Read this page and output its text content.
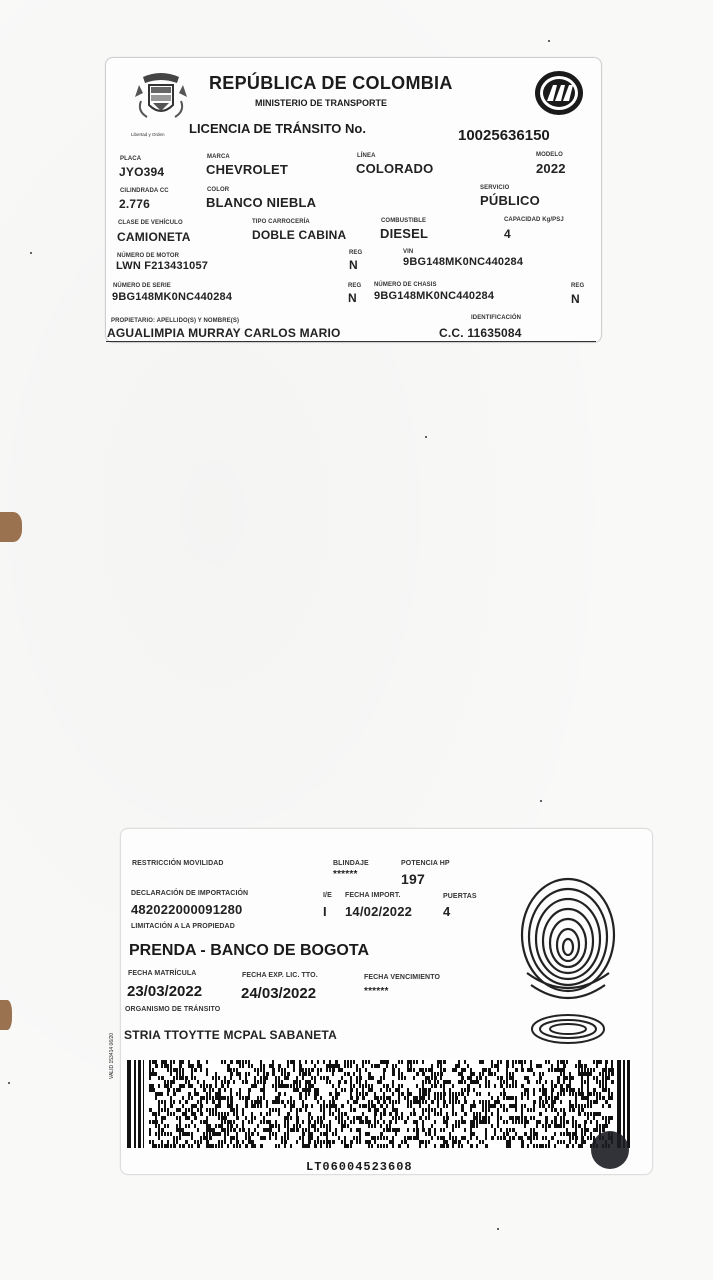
Libertad y Orden
REPÚBLICA DE COLOMBIA
MINISTERIO DE TRANSPORTE
LICENCIA DE TRÁNSITO No.	10025636150
PLACA
JYO394
MARCA
CHEVROLET
LÍNEA
COLORADO
MODELO
2022
CILINDRADA CC
2.776
COLOR
BLANCO NIEBLA
SERVICIO
PÚBLICO
CLASE DE VEHÍCULO
CAMIONETA
TIPO CARROCERÍA
DOBLE CABINA
COMBUSTIBLE
DIESEL
CAPACIDAD Kg/PSJ
4
NÚMERO DE MOTOR
LWN F213431057
REG
N
VIN
9BG148MK0NC440284
NÚMERO DE SERIE
9BG148MK0NC440284
REG
N
NÚMERO DE CHASIS
9BG148MK0NC440284
REG
N
PROPIETARIO: APELLIDO(S) Y NOMBRE(S)
AGUALIMPIA MURRAY CARLOS MARIO
IDENTIFICACIÓN
C.C. 11635084
RESTRICCIÓN MOVILIDAD	BLINDAJE
******
POTENCIA HP
197
DECLARACIÓN DE IMPORTACIÓN
482022000091280
I/E
I
FECHA IMPORT.
14/02/2022
PUERTAS
4
LIMITACIÓN A LA PROPIEDAD
PRENDA - BANCO DE BOGOTA
FECHA MATRÍCULA
23/03/2022
FECHA EXP. LIC. TTO.
24/03/2022
FECHA VENCIMIENTO
******
ORGANISMO DE TRÁNSITO
STRIA TTOYTTE MCPAL SABANETA
VALID 153414 06/20
LT06004523608
